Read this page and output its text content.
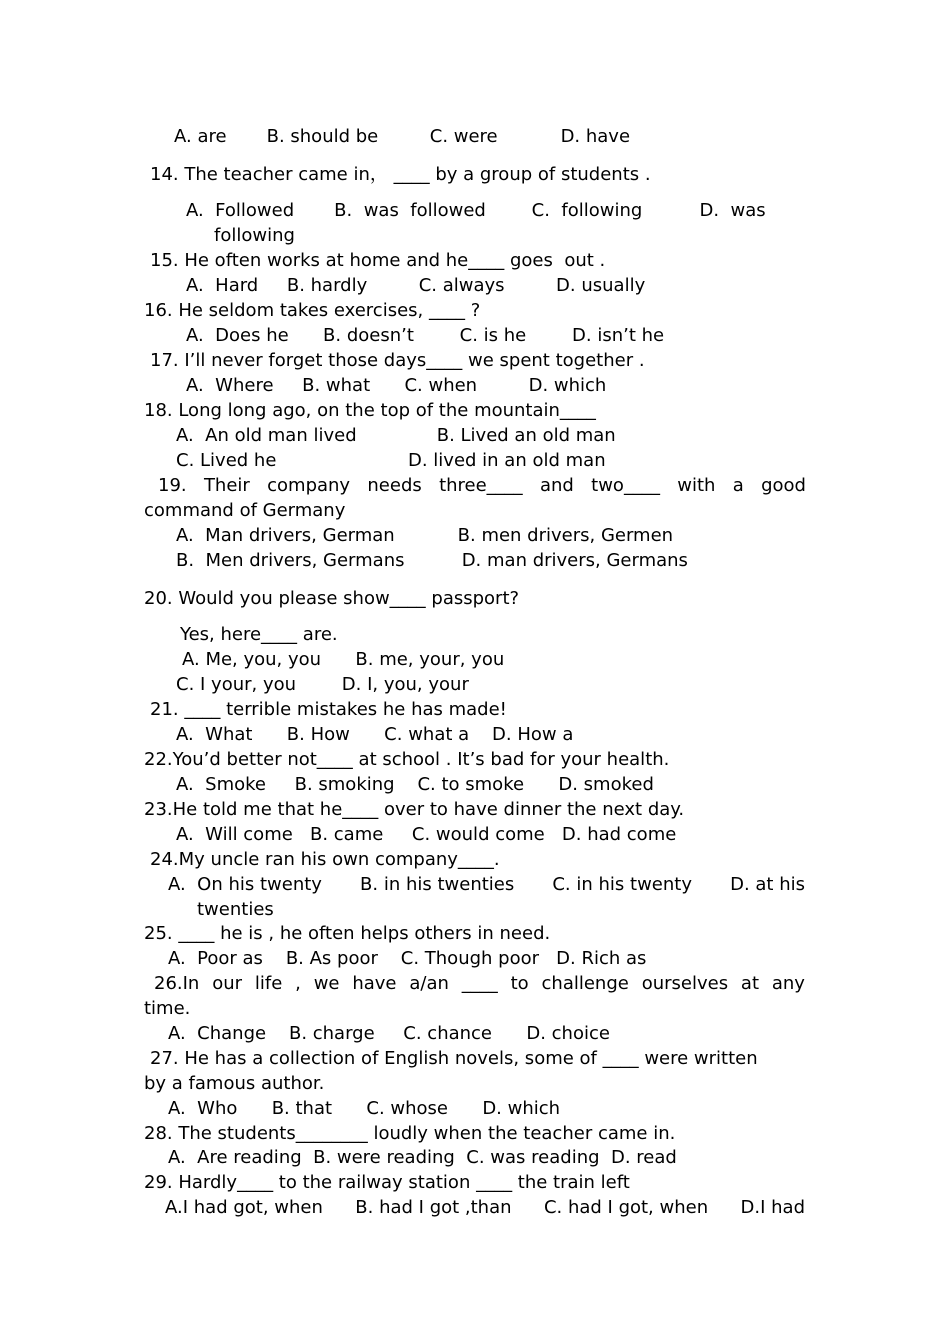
A. are       B. should be         C. were           D. have
14. The teacher came in， ____ by a group of students .
A.  Followed       B.  was  followed        C.  following          D.  was
following
15. He often works at home and he____ goes  out .
A.  Hard     B. hardly         C. always         D. usually
16. He seldom takes exercises, ____ ?
A.  Does he      B. doesn’t        C. is he        D. isn’t he
17. I’ll never forget those days____ we spent together .
A.  Where     B. what      C. when         D. which
18. Long long ago, on the top of the mountain____
A.  An old man lived              B. Lived an old man
C. Lived he                       D. lived in an old man
19. Their company needs three____ and two____ with a good
command of Germany
A.  Man drivers, German           B. men drivers, Germen
B.  Men drivers, Germans          D. man drivers, Germans
20. Would you please show____ passport?
Yes, here____ are.
A. Me, you, you      B. me, your, you
C. I your, you        D. I, you, your
21. ____ terrible mistakes he has made!
A.  What      B. How      C. what a    D. How a
22.You’d better not____ at school . It’s bad for your health.
A.  Smoke     B. smoking    C. to smoke      D. smoked
23.He told me that he____ over to have dinner the next day.
A.  Will come   B. came     C. would come   D. had come
24.My uncle ran his own company____.
A.  On his twenty B. in his twenties C. in his twenty D. at his
twenties
25. ____ he is , he often helps others in need.
A.  Poor as    B. As poor    C. Though poor   D. Rich as
26.In our life , we have a/an ____ to challenge ourselves at any
time.
A.  Change    B. charge     C. chance      D. choice
27. He has a collection of English novels, some of ____ were written
by a famous author.
A.  Who      B. that      C. whose      D. which
28. The students________ loudly when the teacher came in.
A.  Are reading  B. were reading  C. was reading  D. read
29. Hardly____ to the railway station ____ the train left
A.I had got, when B. had I got ,than C. had I got, when D.I had
